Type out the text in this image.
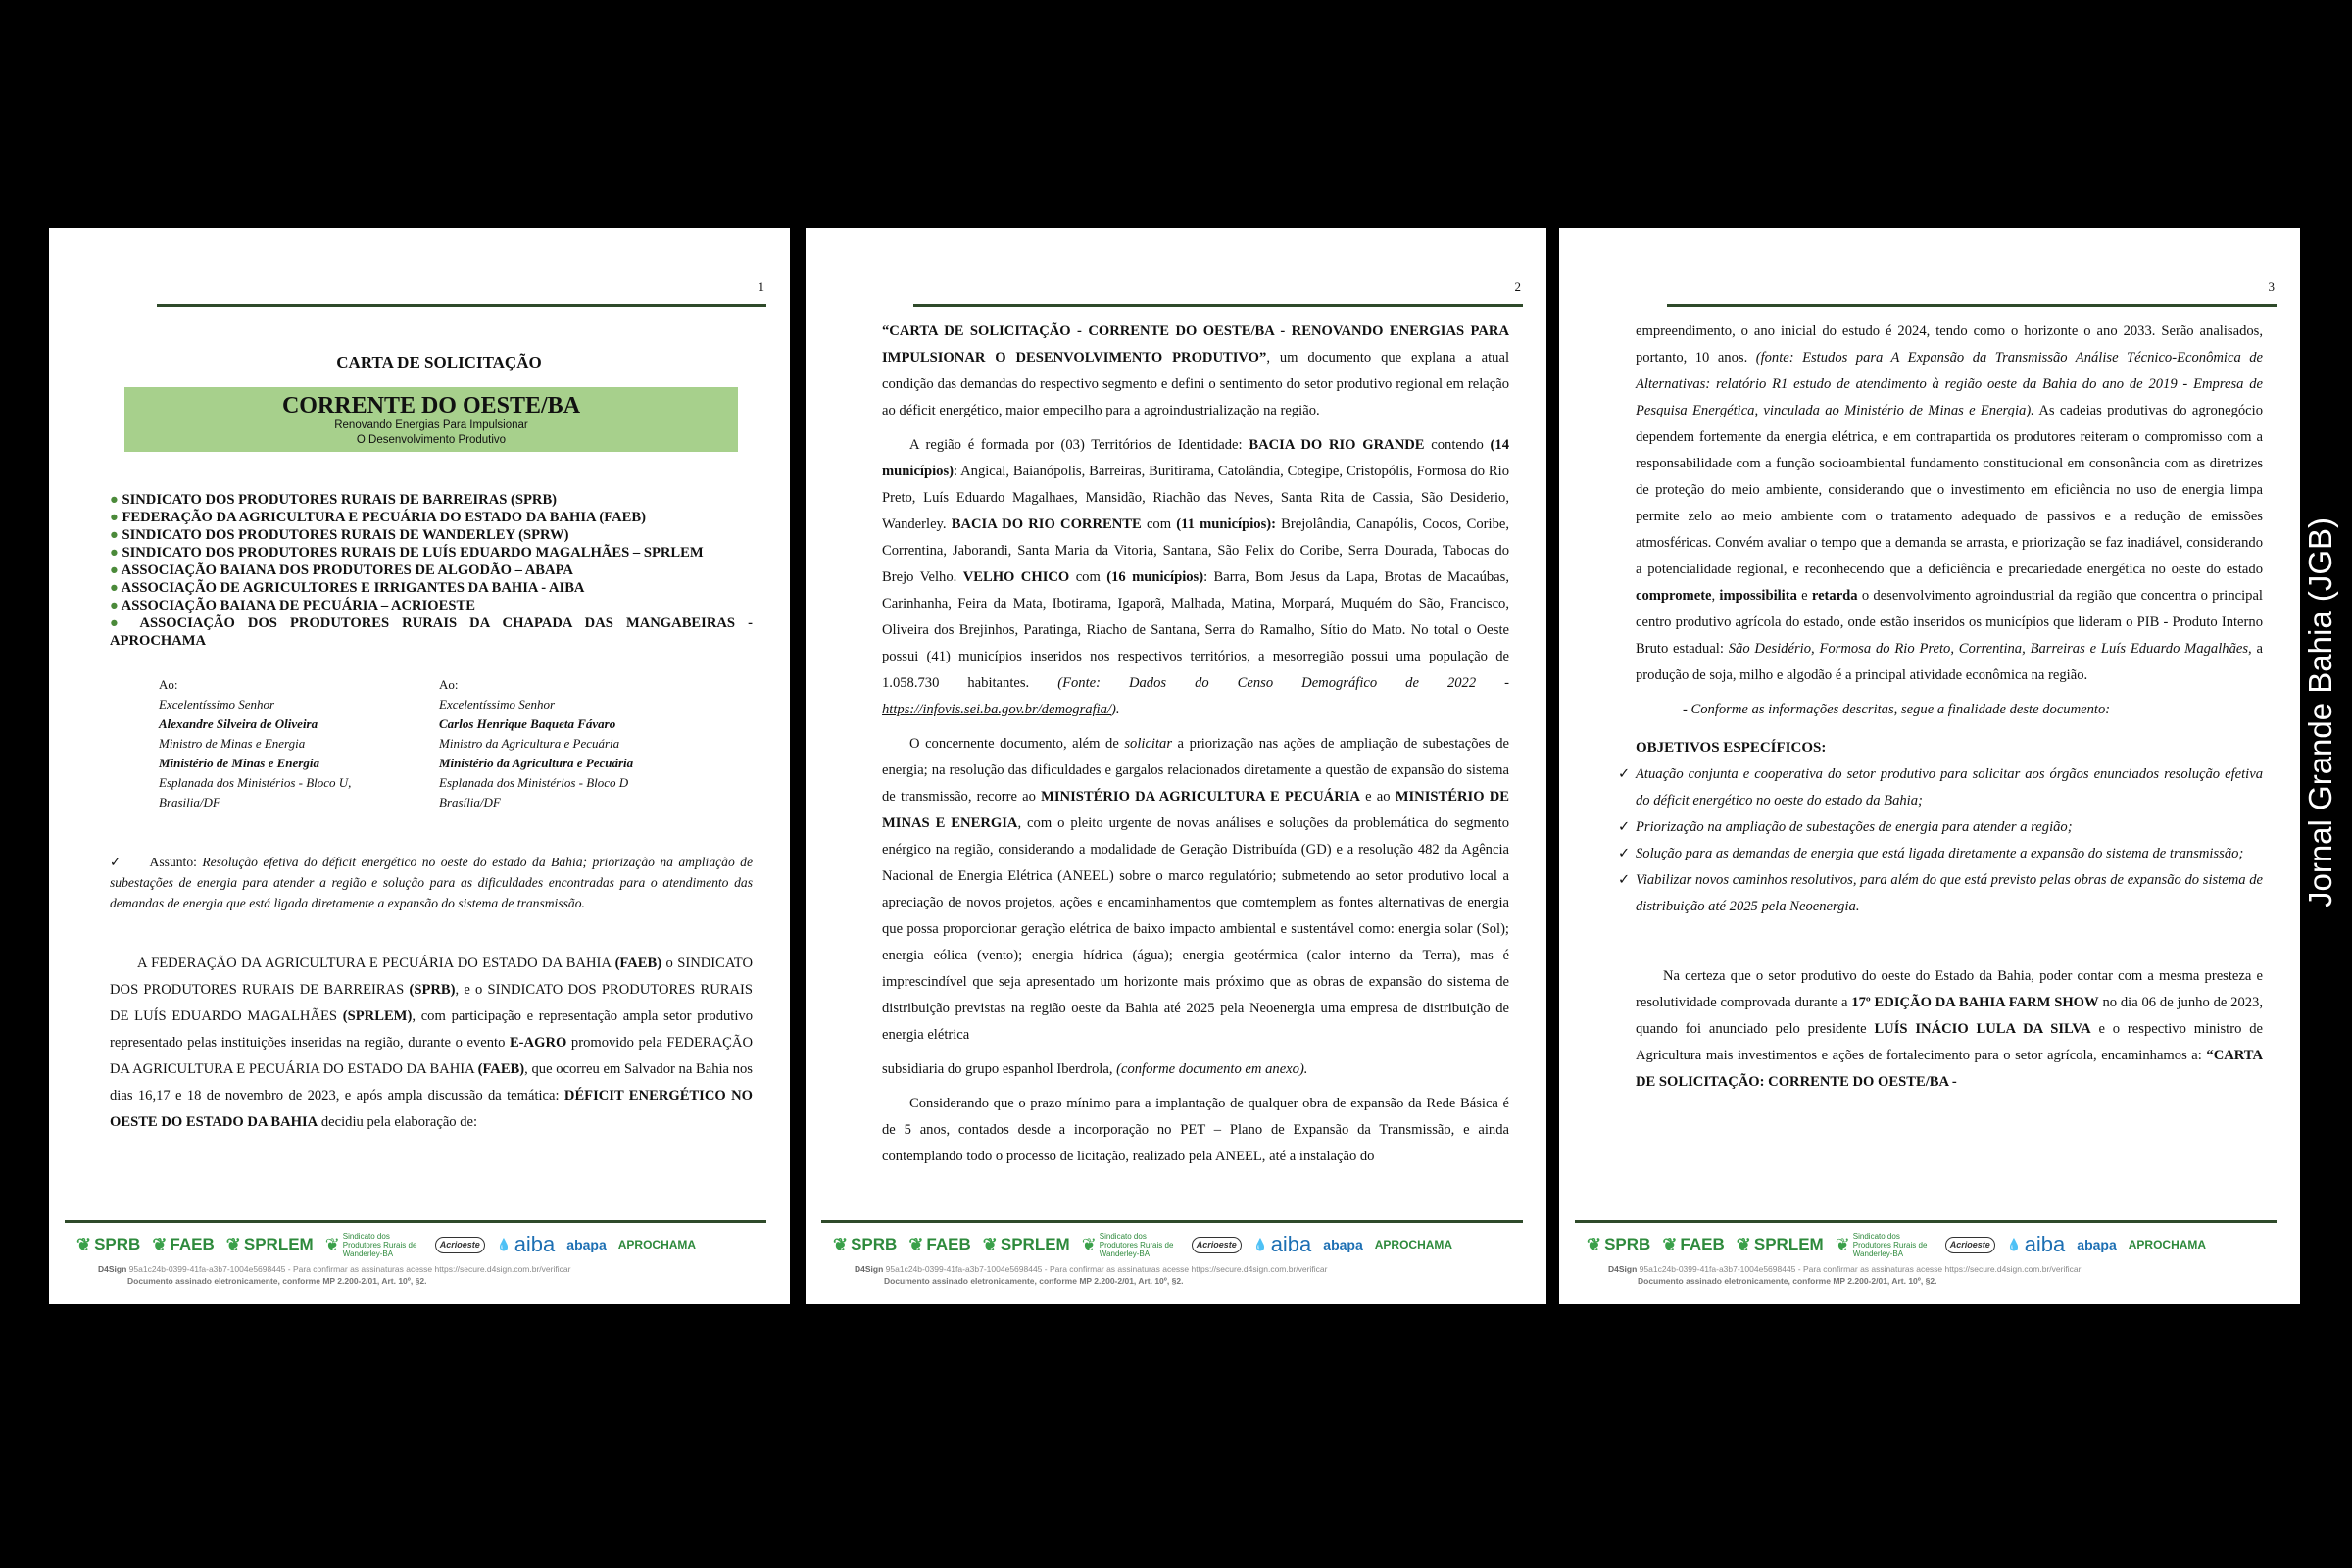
1
CARTA DE SOLICITAÇÃO
CORRENTE DO OESTE/BA
Renovando Energias Para Impulsionar
O Desenvolvimento Produtivo
● SINDICATO DOS PRODUTORES RURAIS DE BARREIRAS (SPRB)
● FEDERAÇÃO DA AGRICULTURA E PECUÁRIA DO ESTADO DA BAHIA (FAEB)
● SINDICATO DOS PRODUTORES RURAIS DE WANDERLEY (SPRW)
● SINDICATO DOS PRODUTORES RURAIS DE LUÍS EDUARDO MAGALHÃES – SPRLEM
● ASSOCIAÇÃO BAIANA DOS PRODUTORES DE ALGODÃO – ABAPA
● ASSOCIAÇÃO DE AGRICULTORES E IRRIGANTES DA BAHIA - AIBA
● ASSOCIAÇÃO BAIANA DE PECUÁRIA – ACRIOESTE
● ASSOCIAÇÃO DOS PRODUTORES RURAIS DA CHAPADA DAS MANGABEIRAS - APROCHAMA
Ao:
Excelentíssimo Senhor
Alexandre Silveira de Oliveira
Ministro de Minas e Energia
Ministério de Minas e Energia
Esplanada dos Ministérios - Bloco U,
Brasilia/DF
Ao:
Excelentíssimo Senhor
Carlos Henrique Baqueta Fávaro
Ministro da Agricultura e Pecuária
Ministério da Agricultura e Pecuária
Esplanada dos Ministérios - Bloco D
Brasília/DF
✓ Assunto: Resolução efetiva do déficit energético no oeste do estado da Bahia; priorização na ampliação de subestações de energia para atender a região e solução para as dificuldades encontradas para o atendimento das demandas de energia que está ligada diretamente a expansão do sistema de transmissão.
A FEDERAÇÃO DA AGRICULTURA E PECUÁRIA DO ESTADO DA BAHIA (FAEB) o SINDICATO DOS PRODUTORES RURAIS DE BARREIRAS (SPRB), e o SINDICATO DOS PRODUTORES RURAIS DE LUÍS EDUARDO MAGALHÃES (SPRLEM), com participação e representação ampla setor produtivo representado pelas instituições inseridas na região, durante o evento E-AGRO promovido pela FEDERAÇÃO DA AGRICULTURA E PECUÁRIA DO ESTADO DA BAHIA (FAEB), que ocorreu em Salvador na Bahia nos dias 16,17 e 18 de novembro de 2023, e após ampla discussão da temática: DÉFICIT ENERGÉTICO NO OESTE DO ESTADO DA BAHIA decidiu pela elaboração de:
❦ SPRB ❦ FAEB ❦ SPRLEM ❦ Sindicato dos Produtores Rurais de Wanderley-BA
Acrioeste 💧 aiba abapa APROCHAMA
D4Sign 95a1c24b-0399-41fa-a3b7-1004e5698445 - Para confirmar as assinaturas acesse https://secure.d4sign.com.br/verificar
Documento assinado eletronicamente, conforme MP 2.200-2/01, Art. 10º, §2.
2
“CARTA DE SOLICITAÇÃO - CORRENTE DO OESTE/BA - RENOVANDO ENERGIAS PARA IMPULSIONAR O DESENVOLVIMENTO PRODUTIVO”, um documento que explana a atual condição das demandas do respectivo segmento e defini o sentimento do setor produtivo regional em relação ao déficit energético, maior empecilho para a agroindustrialização na região.
A região é formada por (03) Territórios de Identidade: BACIA DO RIO GRANDE contendo (14 municípios): Angical, Baianópolis, Barreiras, Buritirama, Catolândia, Cotegipe, Cristopólis, Formosa do Rio Preto, Luís Eduardo Magalhaes, Mansidão, Riachão das Neves, Santa Rita de Cassia, São Desiderio, Wanderley. BACIA DO RIO CORRENTE com (11 municípios): Brejolândia, Canapólis, Cocos, Coribe, Correntina, Jaborandi, Santa Maria da Vitoria, Santana, São Felix do Coribe, Serra Dourada, Tabocas do Brejo Velho. VELHO CHICO com (16 municípios): Barra, Bom Jesus da Lapa, Brotas de Macaúbas, Carinhanha, Feira da Mata, Ibotirama, Igaporã, Malhada, Matina, Morpará, Muquém do São, Francisco, Oliveira dos Brejinhos, Paratinga, Riacho de Santana, Serra do Ramalho, Sítio do Mato. No total o Oeste possui (41) municípios inseridos nos respectivos territórios, a mesorregião possui uma população de 1.058.730 habitantes. (Fonte: Dados do Censo Demográfico de 2022 - https://infovis.sei.ba.gov.br/demografia/).
O concernente documento, além de solicitar a priorização nas ações de ampliação de subestações de energia; na resolução das dificuldades e gargalos relacionados diretamente a questão de expansão do sistema de transmissão, recorre ao MINISTÉRIO DA AGRICULTURA E PECUÁRIA e ao MINISTÉRIO DE MINAS E ENERGIA, com o pleito urgente de novas análises e soluções da problemática do segmento enérgico na região, considerando a modalidade de Geração Distribuída (GD) e a resolução 482 da Agência Nacional de Energia Elétrica (ANEEL) sobre o marco regulatório; submetendo ao setor produtivo local a apreciação de novos projetos, ações e encaminhamentos que comtemplem as fontes alternativas de energia que possa proporcionar geração elétrica de baixo impacto ambiental e sustentável como: energia solar (Sol); energia eólica (vento); energia hídrica (água); energia geotérmica (calor interno da Terra), mas é imprescindível que seja apresentado um horizonte mais próximo que as obras de expansão do sistema de distribuição previstas na região oeste da Bahia até 2025 pela Neoenergia uma empresa de distribuição de energia elétrica
subsidiaria do grupo espanhol Iberdrola, (conforme documento em anexo).
Considerando que o prazo mínimo para a implantação de qualquer obra de expansão da Rede Básica é de 5 anos, contados desde a incorporação no PET – Plano de Expansão da Transmissão, e ainda contemplando todo o processo de licitação, realizado pela ANEEL, até a instalação do
❦ SPRB ❦ FAEB ❦ SPRLEM ❦ Sindicato dos Produtores Rurais de Wanderley-BA
Acrioeste 💧 aiba abapa APROCHAMA
D4Sign 95a1c24b-0399-41fa-a3b7-1004e5698445 - Para confirmar as assinaturas acesse https://secure.d4sign.com.br/verificar
Documento assinado eletronicamente, conforme MP 2.200-2/01, Art. 10º, §2.
3
empreendimento, o ano inicial do estudo é 2024, tendo como o horizonte o ano 2033. Serão analisados, portanto, 10 anos. (fonte: Estudos para A Expansão da Transmissão Análise Técnico-Econômica de Alternativas: relatório R1 estudo de atendimento à região oeste da Bahia do ano de 2019 - Empresa de Pesquisa Energética, vinculada ao Ministério de Minas e Energia). As cadeias produtivas do agronegócio dependem fortemente da energia elétrica, e em contrapartida os produtores reiteram o compromisso com a responsabilidade com a função socioambiental fundamento constitucional em consonância com as diretrizes de proteção do meio ambiente, considerando que o investimento em eficiência no uso de energia limpa permite zelo ao meio ambiente com o tratamento adequado de passivos e a redução de emissões atmosféricas. Convém avaliar o tempo que a demanda se arrasta, e priorização se faz inadiável, considerando a potencialidade regional, e reconhecendo que a deficiência e precariedade energética no oeste do estado compromete, impossibilita e retarda o desenvolvimento agroindustrial da região que concentra o principal centro produtivo agrícola do estado, onde estão inseridos os municípios que lideram o PIB - Produto Interno Bruto estadual: São Desidério, Formosa do Rio Preto, Correntina, Barreiras e Luís Eduardo Magalhães, a produção de soja, milho e algodão é a principal atividade econômica na região.
- Conforme as informações descritas, segue a finalidade deste documento:
OBJETIVOS ESPECÍFICOS:
✓ Atuação conjunta e cooperativa do setor produtivo para solicitar aos órgãos enunciados resolução efetiva do déficit energético no oeste do estado da Bahia;
✓ Priorização na ampliação de subestações de energia para atender a região;
✓ Solução para as demandas de energia que está ligada diretamente a expansão do sistema de transmissão;
✓ Viabilizar novos caminhos resolutivos, para além do que está previsto pelas obras de expansão do sistema de distribuição até 2025 pela Neoenergia.
Na certeza que o setor produtivo do oeste do Estado da Bahia, poder contar com a mesma presteza e resolutividade comprovada durante a 17º EDIÇÃO DA BAHIA FARM SHOW no dia 06 de junho de 2023, quando foi anunciado pelo presidente LUÍS INÁCIO LULA DA SILVA e o respectivo ministro de Agricultura mais investimentos e ações de fortalecimento para o setor agrícola, encaminhamos a: “CARTA DE SOLICITAÇÃO: CORRENTE DO OESTE/BA -
❦ SPRB ❦ FAEB ❦ SPRLEM ❦ Sindicato dos Produtores Rurais de Wanderley-BA
Acrioeste 💧 aiba abapa APROCHAMA
D4Sign 95a1c24b-0399-41fa-a3b7-1004e5698445 - Para confirmar as assinaturas acesse https://secure.d4sign.com.br/verificar
Documento assinado eletronicamente, conforme MP 2.200-2/01, Art. 10º, §2.
Jornal Grande Bahia (JGB)
